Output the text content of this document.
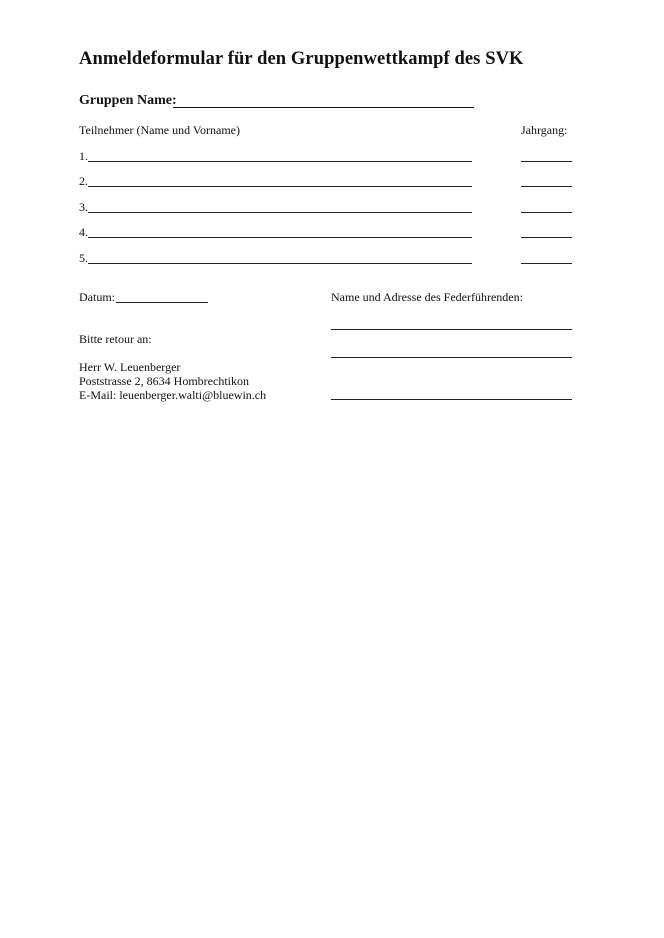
Anmeldeformular für den Gruppenwettkampf des SVK
Gruppen Name:
Teilnehmer (Name und Vorname)	Jahrgang:
1.
2.
3.
4.
5.
Datum:	Name und Adresse des Federführenden:
Bitte retour an:
Herr W. Leuenberger
Poststrasse 2, 8634 Hombrechtikon
E-Mail: leuenberger.walti@bluewin.ch
